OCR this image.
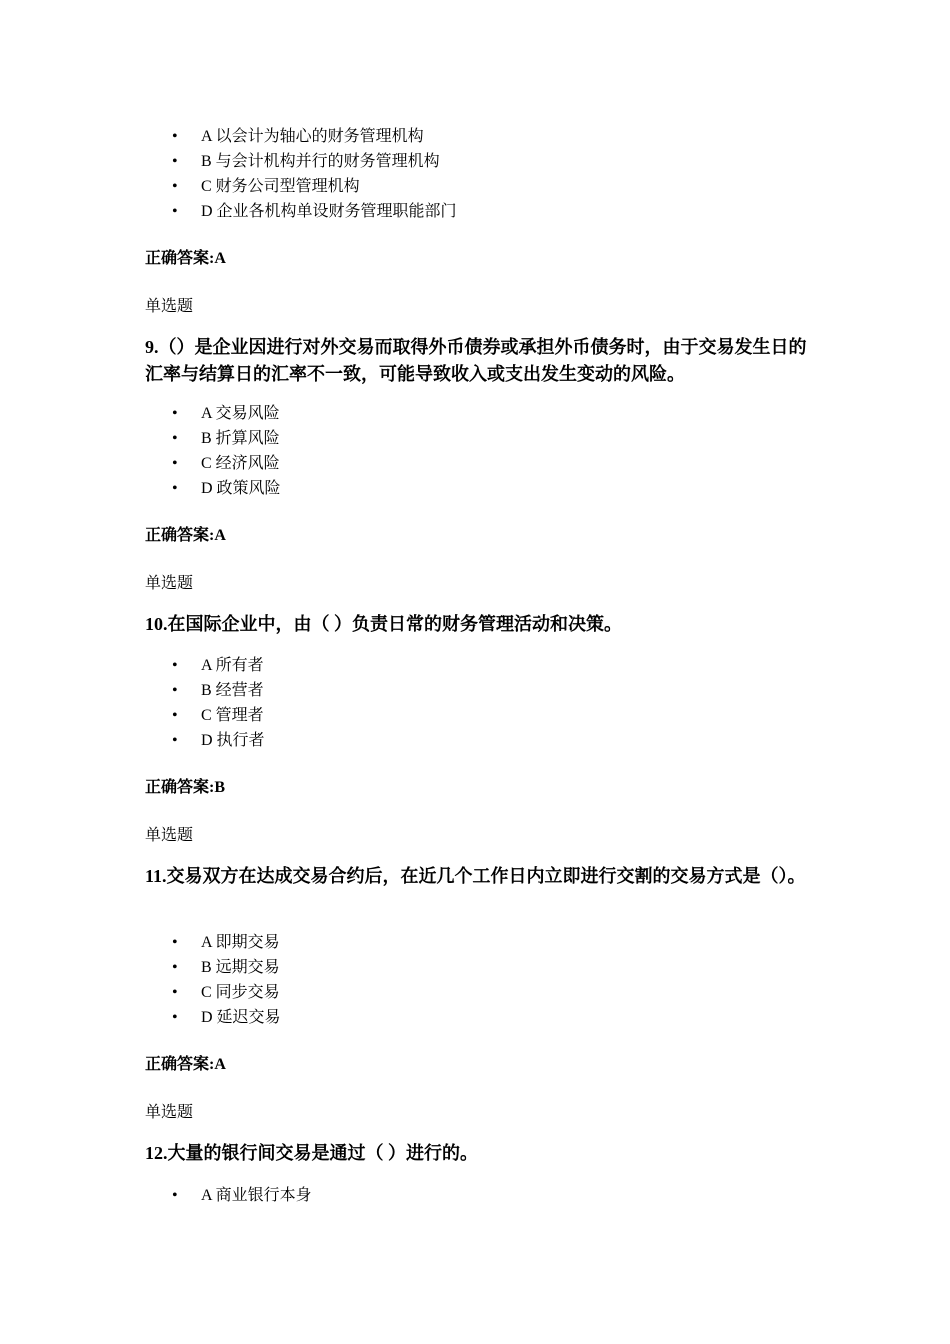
• A 以会计为轴心的财务管理机构
• B 与会计机构并行的财务管理机构
• C 财务公司型管理机构
• D 企业各机构单设财务管理职能部门
正确答案:A
单选题
9.（）是企业因进行对外交易而取得外币债券或承担外币债务时，由于交易发生日的汇率与结算日的汇率不一致，可能导致收入或支出发生变动的风险。
• A 交易风险
• B 折算风险
• C 经济风险
• D 政策风险
正确答案:A
单选题
10.在国际企业中，由（ ）负责日常的财务管理活动和决策。
• A 所有者
• B 经营者
• C 管理者
• D 执行者
正确答案:B
单选题
11.交易双方在达成交易合约后，在近几个工作日内立即进行交割的交易方式是（）。
• A 即期交易
• B 远期交易
• C 同步交易
• D 延迟交易
正确答案:A
单选题
12.大量的银行间交易是通过（ ）进行的。
• A 商业银行本身
